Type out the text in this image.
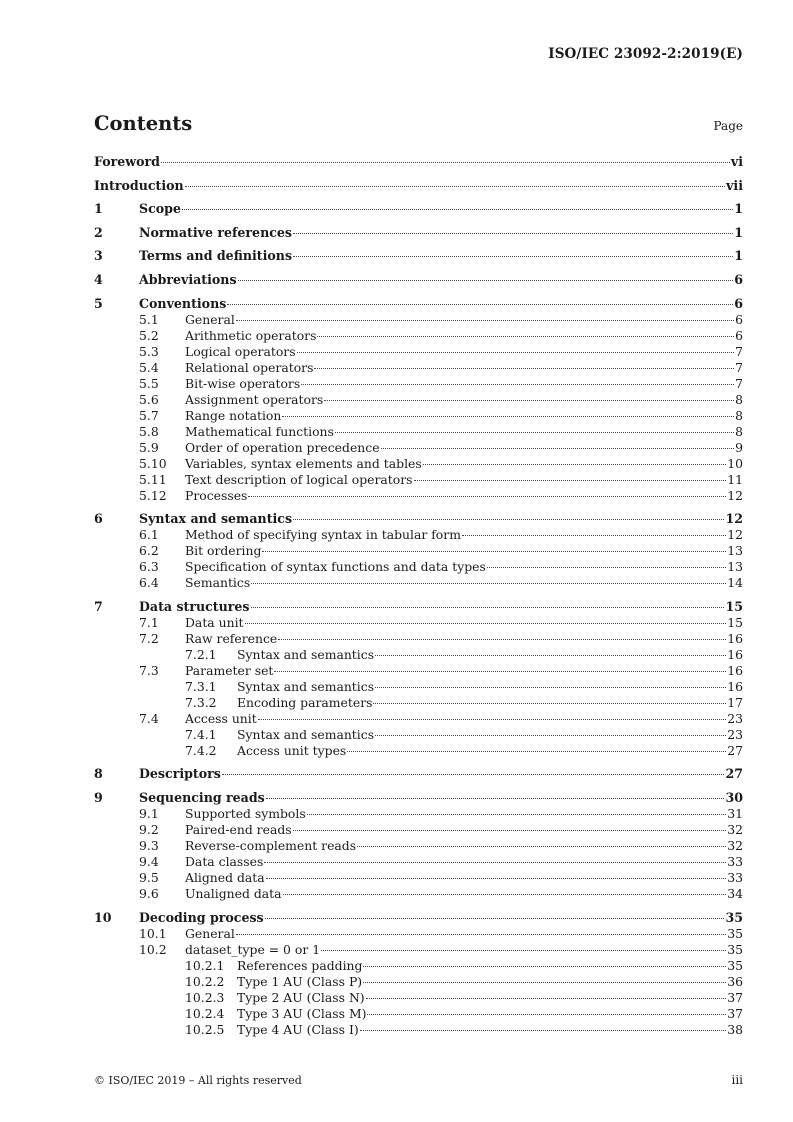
ISO/IEC 23092-2:2019(E)
Contents	Page
Foreword	vi
Introduction	vii
1	Scope	1
2	Normative references	1
3	Terms and definitions	1
4	Abbreviations	6
5	Conventions	6
5.1	General	6
5.2	Arithmetic operators	6
5.3	Logical operators	7
5.4	Relational operators	7
5.5	Bit-wise operators	7
5.6	Assignment operators	8
5.7	Range notation	8
5.8	Mathematical functions	8
5.9	Order of operation precedence	9
5.10	Variables, syntax elements and tables	10
5.11	Text description of logical operators	11
5.12	Processes	12
6	Syntax and semantics	12
6.1	Method of specifying syntax in tabular form	12
6.2	Bit ordering	13
6.3	Specification of syntax functions and data types	13
6.4	Semantics	14
7	Data structures	15
7.1	Data unit	15
7.2	Raw reference	16
7.2.1	Syntax and semantics	16
7.3	Parameter set	16
7.3.1	Syntax and semantics	16
7.3.2	Encoding parameters	17
7.4	Access unit	23
7.4.1	Syntax and semantics	23
7.4.2	Access unit types	27
8	Descriptors	27
9	Sequencing reads	30
9.1	Supported symbols	31
9.2	Paired-end reads	32
9.3	Reverse-complement reads	32
9.4	Data classes	33
9.5	Aligned data	33
9.6	Unaligned data	34
10	Decoding process	35
10.1	General	35
10.2	dataset_type = 0 or 1	35
10.2.1	References padding	35
10.2.2	Type 1 AU (Class P)	36
10.2.3	Type 2 AU (Class N)	37
10.2.4	Type 3 AU (Class M)	37
10.2.5	Type 4 AU (Class I)	38
© ISO/IEC 2019 – All rights reserved	iii
